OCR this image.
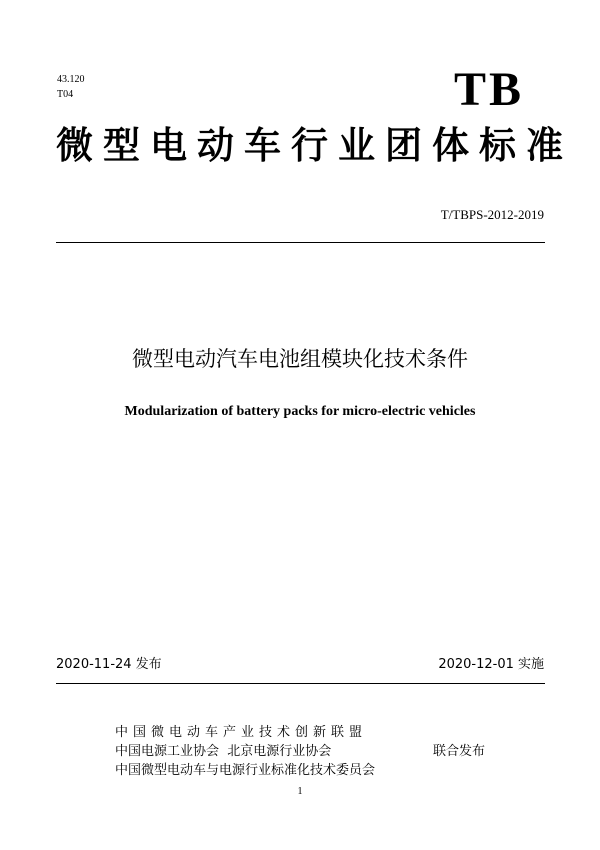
43.120
T04	TB
微型电动车行业团体标准
T/TBPS-2012-2019
微型电动汽车电池组模块化技术条件
Modularization of battery packs for micro-electric vehicles
2020-11-24 发布	2020-12-01 实施
中国微电动车产业技术创新联盟
中国电源工业协会  北京电源行业协会
中国微型电动车与电源行业标准化技术委员会
联合发布
1
